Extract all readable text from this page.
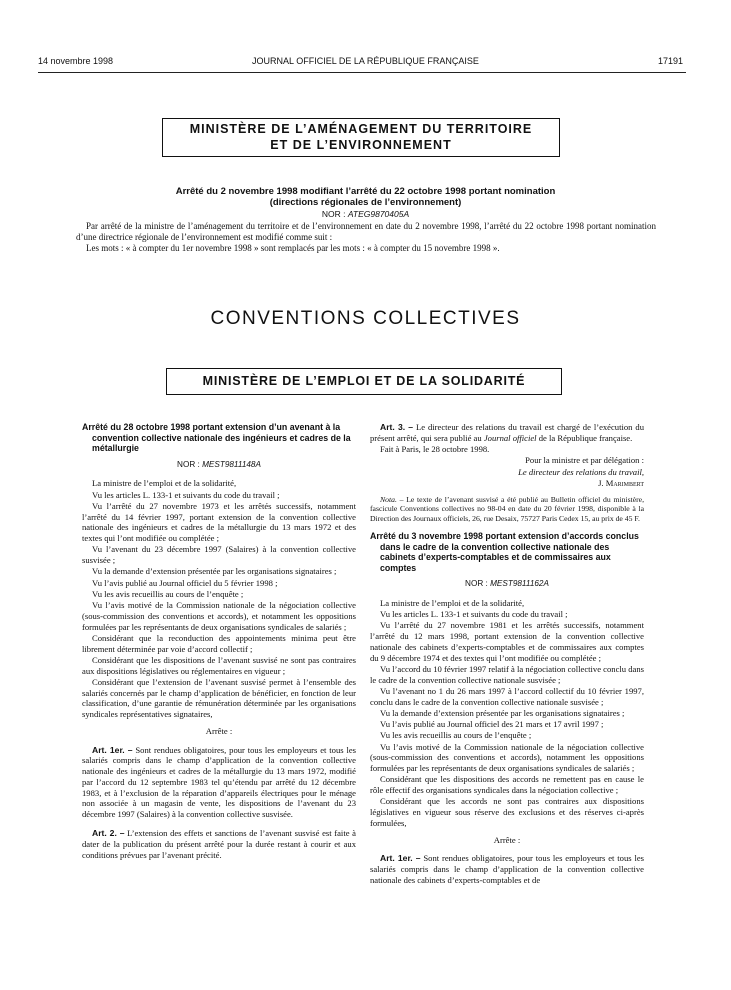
14 novembre 1998	JOURNAL OFFICIEL DE LA RÉPUBLIQUE FRANÇAISE	17191
MINISTÈRE DE L’AMÉNAGEMENT DU TERRITOIRE
ET DE L’ENVIRONNEMENT
Arrêté du 2 novembre 1998 modifiant l’arrêté du 22 octobre 1998 portant nomination
(directions régionales de l’environnement)
NOR : ATEG9870405A

Par arrêté de la ministre de l’aménagement du territoire et de l’environnement en date du 2 novembre 1998, l’arrêté du 22 octobre 1998 portant nomination d’une directrice régionale de l’environnement est modifié comme suit :

Les mots : « à compter du 1er novembre 1998 » sont remplacés par les mots : « à compter du 15 novembre 1998 ».

CONVENTIONS COLLECTIVES
MINISTÈRE DE L’EMPLOI ET DE LA SOLIDARITÉ
Arrêté du 28 octobre 1998 portant extension d’un avenant à la convention collective nationale des ingénieurs et cadres de la métallurgie
NOR : MEST9811148A

La ministre de l’emploi et de la solidarité,

Vu les articles L. 133-1 et suivants du code du travail ;

Vu l’arrêté du 27 novembre 1973 et les arrêtés successifs, notamment l’arrêté du 14 février 1997, portant extension de la convention collective nationale des ingénieurs et cadres de la métallurgie du 13 mars 1972 et des textes qui l’ont modifiée ou complétée ;

Vu l’avenant du 23 décembre 1997 (Salaires) à la convention collective susvisée ;

Vu la demande d’extension présentée par les organisations signataires ;

Vu l’avis publié au Journal officiel du 5 février 1998 ;

Vu les avis recueillis au cours de l’enquête ;

Vu l’avis motivé de la Commission nationale de la négociation collective (sous-commission des conventions et accords), et notamment les oppositions formulées par les représentants de deux organisations syndicales de salariés ;

Considérant que la reconduction des appointements minima peut être librement déterminée par voie d’accord collectif ;

Considérant que les dispositions de l’avenant susvisé ne sont pas contraires aux dispositions législatives ou réglementaires en vigueur ;

Considérant que l’extension de l’avenant susvisé permet à l’ensemble des salariés concernés par le champ d’application de bénéficier, en fonction de leur classification, d’une garantie de rémunération déterminée par les organisations syndicales représentatives signataires,

Arrête :

Art. 1er. – Sont rendues obligatoires, pour tous les employeurs et tous les salariés compris dans le champ d’application de la convention collective nationale des ingénieurs et cadres de la métallurgie du 13 mars 1972, modifié par l’accord du 12 septembre 1983 tel qu’étendu par arrêté du 12 décembre 1983, et à l’exclusion de la réparation d’appareils électriques pour le ménage non associée à un magasin de vente, les dispositions de l’avenant du 23 décembre 1997 (Salaires) à la convention collective susvisée.

Art. 2. – L’extension des effets et sanctions de l’avenant susvisé est faite à dater de la publication du présent arrêté pour la durée restant à courir et aux conditions prévues par l’avenant précité.

Art. 3. – Le directeur des relations du travail est chargé de l’exécution du présent arrêté, qui sera publié au Journal officiel de la République française.

Fait à Paris, le 28 octobre 1998.

Pour la ministre et par délégation :

Le directeur des relations du travail,

J. Marimbert

Nota. – Le texte de l’avenant susvisé a été publié au Bulletin officiel du ministère, fascicule Conventions collectives no 98-04 en date du 20 février 1998, disponible à la Direction des Journaux officiels, 26, rue Desaix, 75727 Paris Cedex 15, au prix de 45 F.

Arrêté du 3 novembre 1998 portant extension d’accords conclus dans le cadre de la convention collective nationale des cabinets d’experts-comptables et de commissaires aux comptes
NOR : MEST9811162A

La ministre de l’emploi et de la solidarité,

Vu les articles L. 133-1 et suivants du code du travail ;

Vu l’arrêté du 27 novembre 1981 et les arrêtés successifs, notamment l’arrêté du 12 mars 1998, portant extension de la convention collective nationale des cabinets d’experts-comptables et de commissaires aux comptes du 9 décembre 1974 et des textes qui l’ont modifiée ou complétée ;

Vu l’accord du 10 février 1997 relatif à la négociation collective conclu dans le cadre de la convention collective nationale susvisée ;

Vu l’avenant no 1 du 26 mars 1997 à l’accord collectif du 10 février 1997, conclu dans le cadre de la convention collective nationale susvisée ;

Vu la demande d’extension présentée par les organisations signataires ;

Vu l’avis publié au Journal officiel des 21 mars et 17 avril 1997 ;

Vu les avis recueillis au cours de l’enquête ;

Vu l’avis motivé de la Commission nationale de la négociation collective (sous-commission des conventions et accords), notamment les oppositions formulées par les représentants de deux organisations syndicales de salariés ;

Considérant que les dispositions des accords ne remettent pas en cause le rôle effectif des organisations syndicales dans la négociation collective ;

Considérant que les accords ne sont pas contraires aux dispositions législatives en vigueur sous réserve des exclusions et des réserves ci-après formulées,

Arrête :

Art. 1er. – Sont rendues obligatoires, pour tous les employeurs et tous les salariés compris dans le champ d’application de la convention collective nationale des cabinets d’experts-comptables et de
